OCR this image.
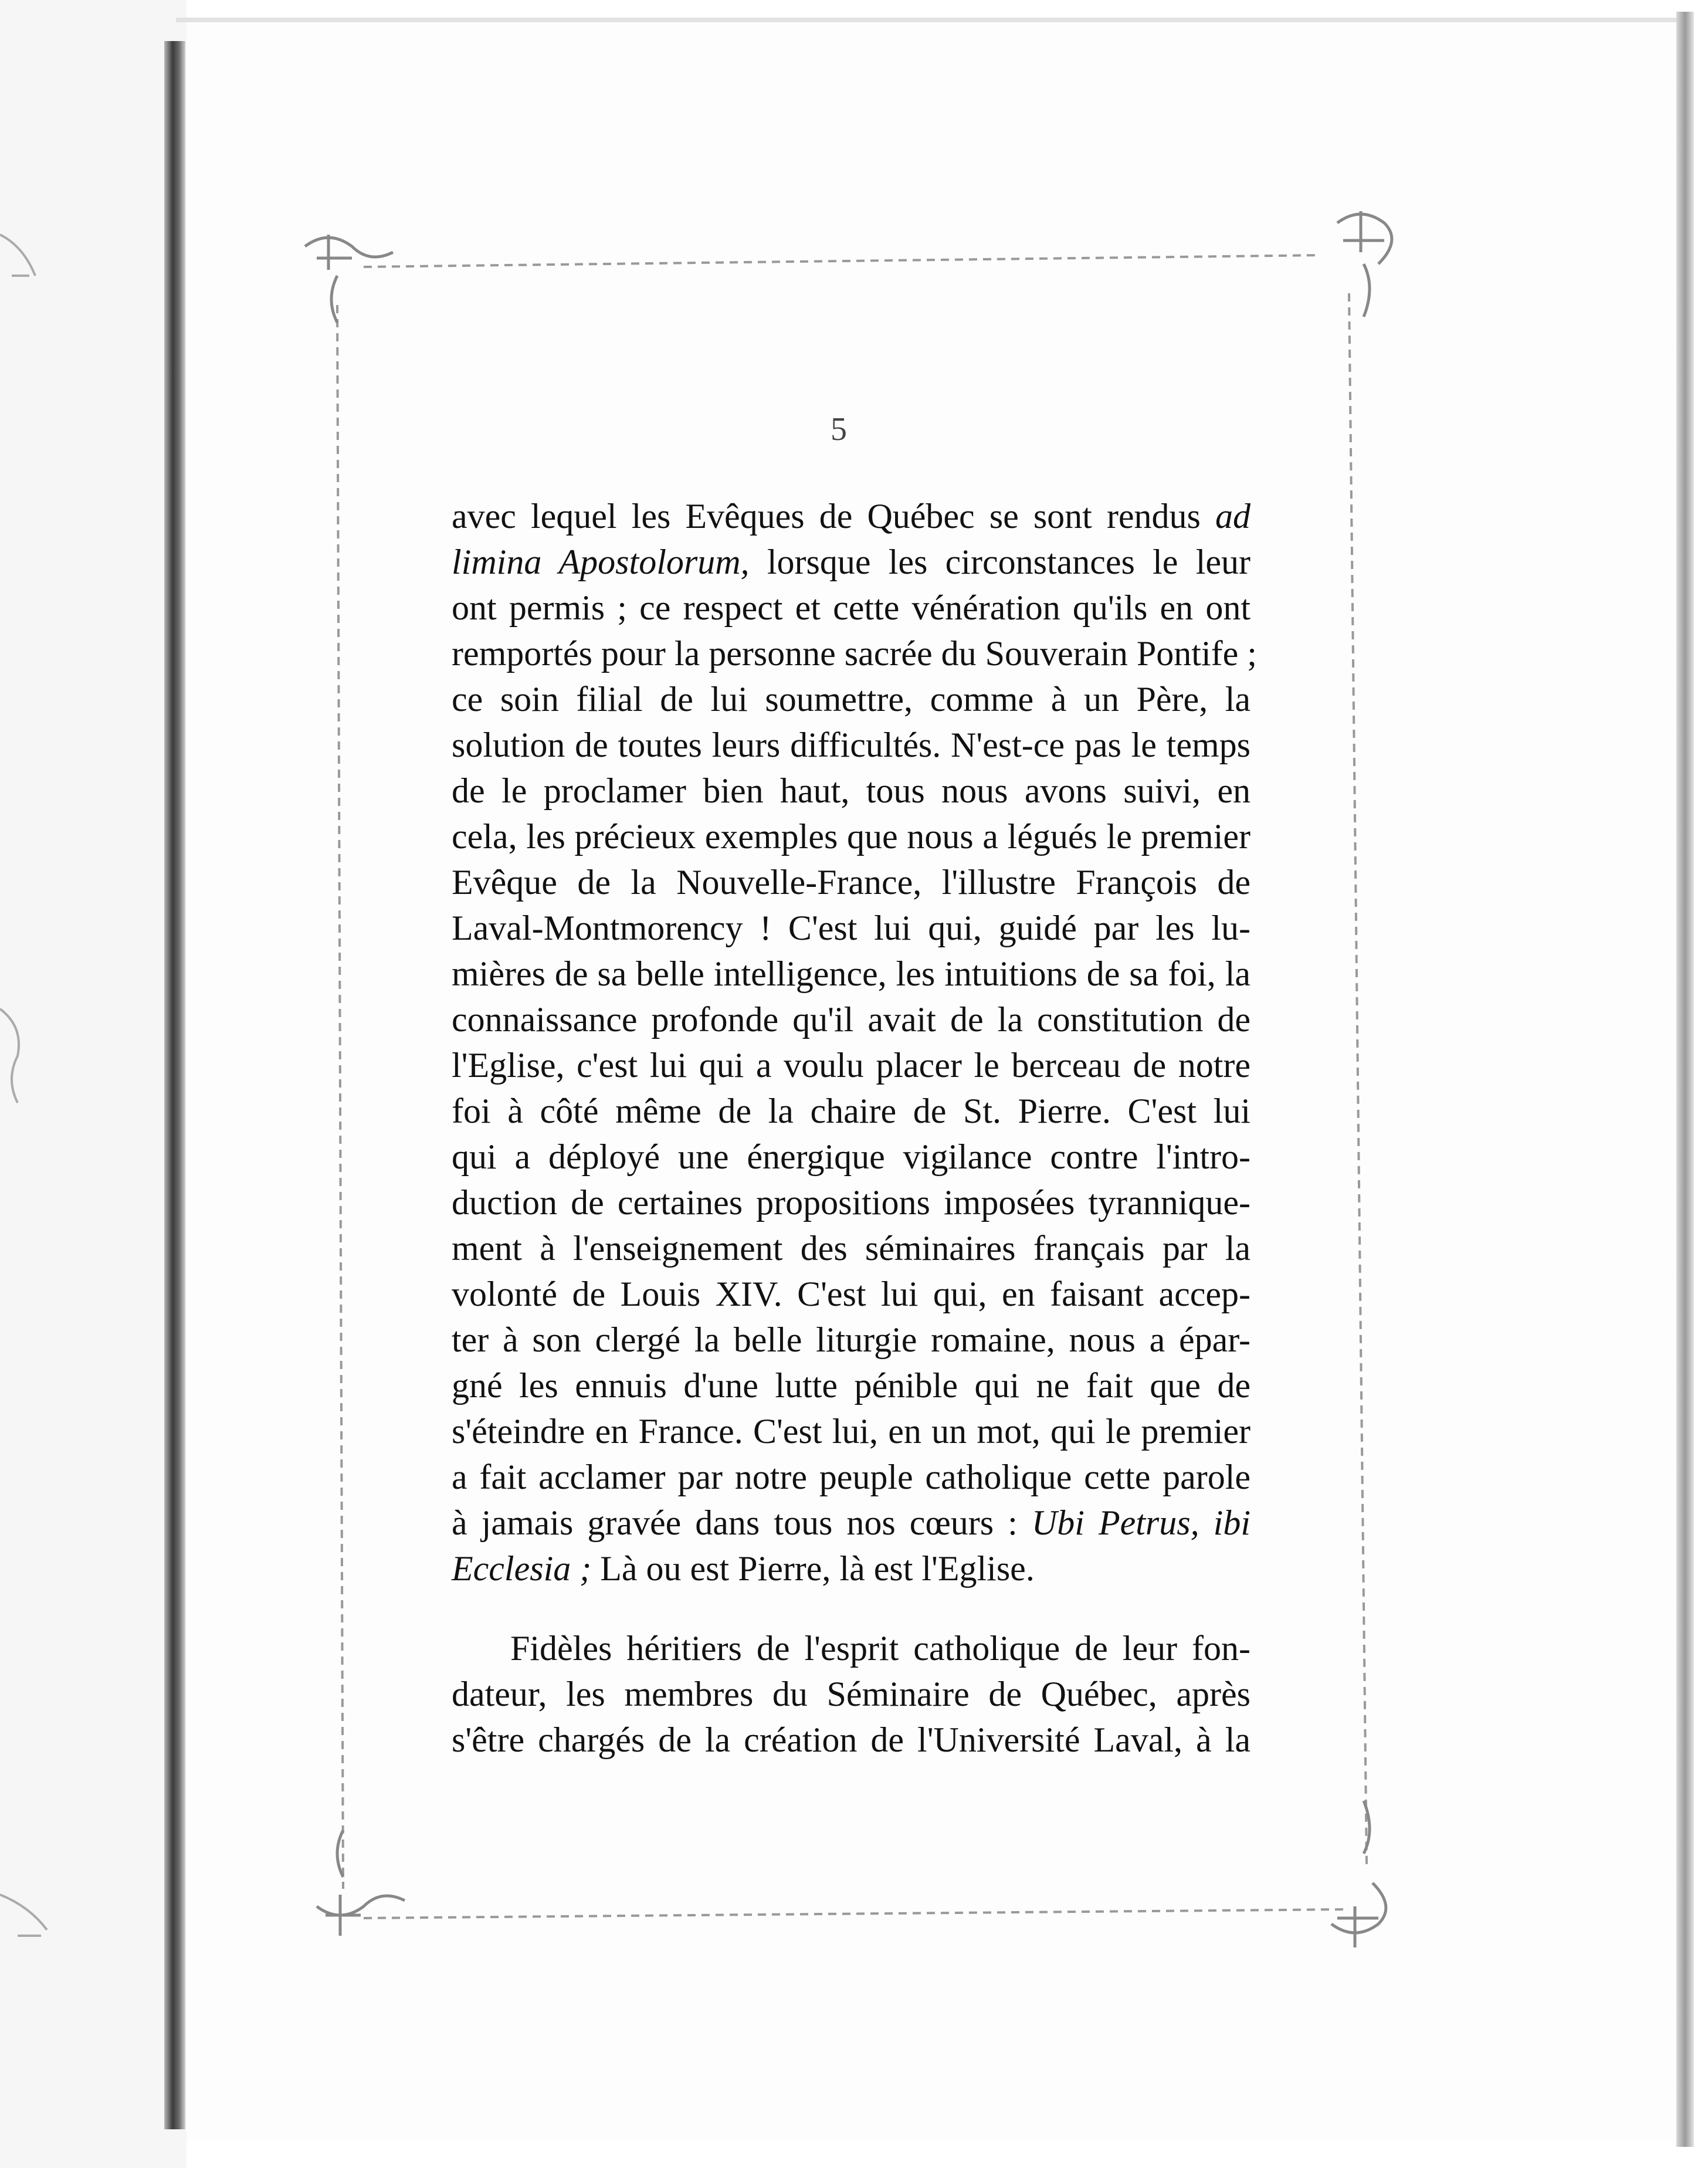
5
avec lequel les Evêques de Québec se sont rendus ad
limina Apostolorum, lorsque les circonstances le leur
ont permis ; ce respect et cette vénération qu'ils en ont
remportés pour la personne sacrée du Souverain Pontife ;
ce soin filial de lui soumettre, comme à un Père, la
solution de toutes leurs difficultés. N'est-ce pas le temps
de le proclamer bien haut, tous nous avons suivi, en
cela, les précieux exemples que nous a légués le premier
Evêque de la Nouvelle-France, l'illustre François de
Laval-Montmorency ! C'est lui qui, guidé par les lu-
mières de sa belle intelligence, les intuitions de sa foi, la
connaissance profonde qu'il avait de la constitution de
l'Eglise, c'est lui qui a voulu placer le berceau de notre
foi à côté même de la chaire de St. Pierre. C'est lui
qui a déployé une énergique vigilance contre l'intro-
duction de certaines propositions imposées tyrannique-
ment à l'enseignement des séminaires français par la
volonté de Louis XIV. C'est lui qui, en faisant accep-
ter à son clergé la belle liturgie romaine, nous a épar-
gné les ennuis d'une lutte pénible qui ne fait que de
s'éteindre en France. C'est lui, en un mot, qui le premier
a fait acclamer par notre peuple catholique cette parole
à jamais gravée dans tous nos cœurs : Ubi Petrus, ibi
Ecclesia ; Là ou est Pierre, là est l'Eglise.
Fidèles héritiers de l'esprit catholique de leur fon-
dateur, les membres du Séminaire de Québec, après
s'être chargés de la création de l'Université Laval, à la
